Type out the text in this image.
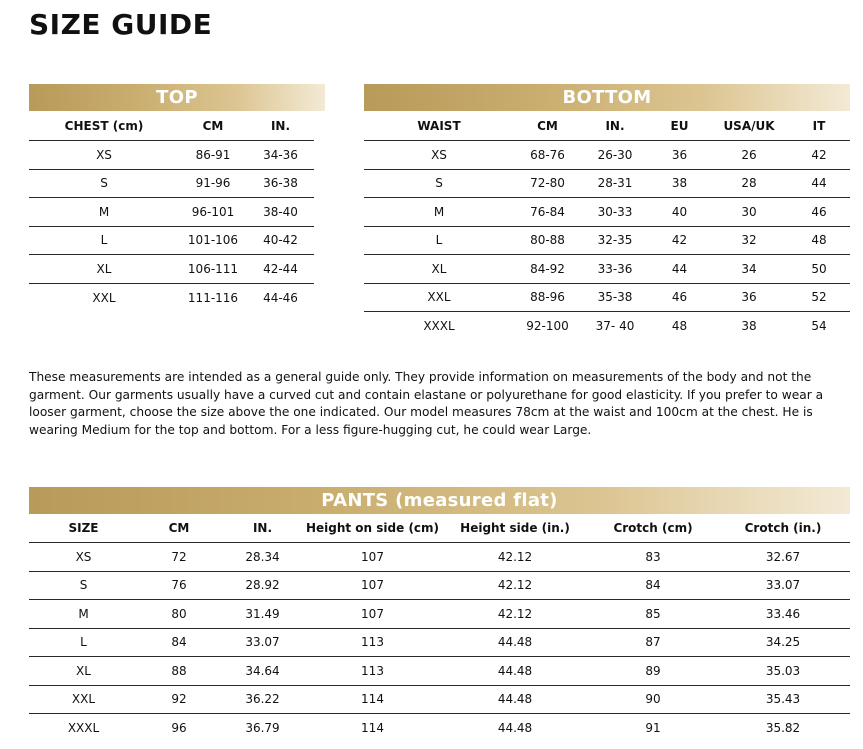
SIZE GUIDE
TOP
CHEST (cm)	CM	IN.
XS	86-91	34-36
S	91-96	36-38
M	96-101	38-40
L	101-106	40-42
XL	106-111	42-44
XXL	111-116	44-46
BOTTOM
WAIST	CM	IN.	EU	USA/UK	IT
XS	68-76	26-30	36	26	42
S	72-80	28-31	38	28	44
M	76-84	30-33	40	30	46
L	80-88	32-35	42	32	48
XL	84-92	33-36	44	34	50
XXL	88-96	35-38	46	36	52
XXXL	92-100	37- 40	48	38	54

These measurements are intended as a general guide only. They provide information on measurements of the body and not the garment. Our garments usually have a curved cut and contain elastane or polyurethane for good elasticity. If you prefer to wear a looser garment, choose the size above the one indicated. Our model measures 78cm at the waist and 100cm at the chest. He is wearing Medium for the top and bottom. For a less figure-hugging cut, he could wear Large.

PANTS (measured flat)
SIZE	CM	IN.	Height on side (cm)	Height side (in.)	Crotch (cm)	Crotch (in.)
XS	72	28.34	107	42.12	83	32.67
S	76	28.92	107	42.12	84	33.07
M	80	31.49	107	42.12	85	33.46
L	84	33.07	113	44.48	87	34.25
XL	88	34.64	113	44.48	89	35.03
XXL	92	36.22	114	44.48	90	35.43
XXXL	96	36.79	114	44.48	91	35.82
